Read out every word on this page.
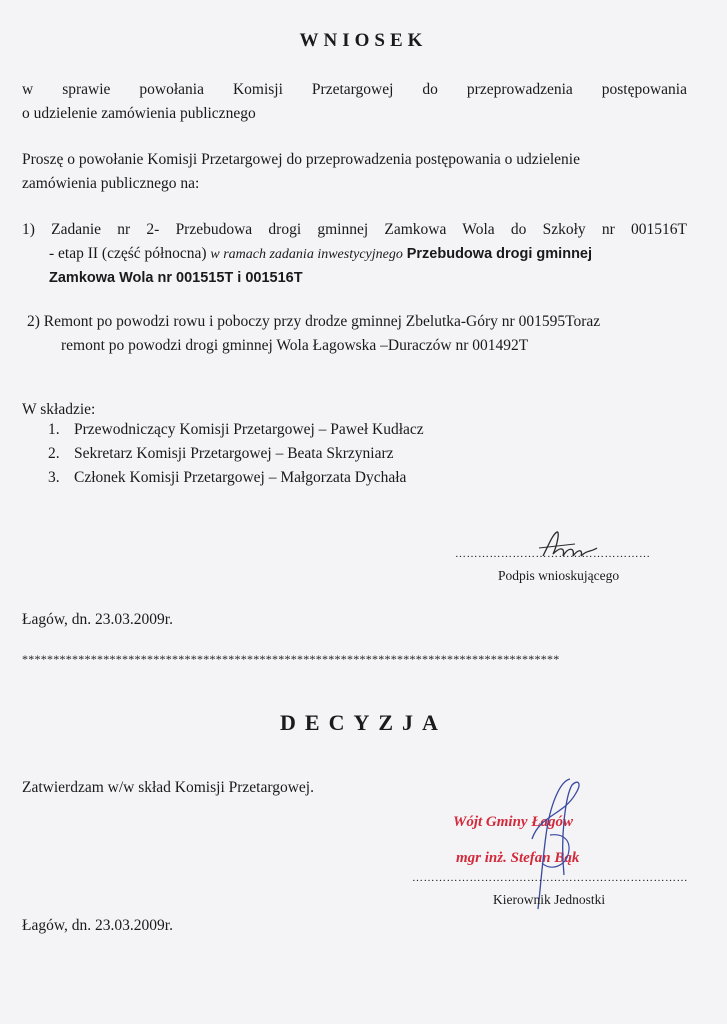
WNIOSEK
w sprawie powołania Komisji Przetargowej do przeprowadzenia postępowania
o udzielenie zamówienia publicznego
Proszę o powołanie Komisji Przetargowej do przeprowadzenia postępowania o udzielenie
zamówienia publicznego na:
1) Zadanie nr 2- Przebudowa drogi gminnej Zamkowa Wola do Szkoły nr 001516T
- etap II (część północna) w ramach zadania inwestycyjnego Przebudowa drogi gminnej
Zamkowa Wola nr 001515T i 001516T
2) Remont po powodzi rowu i poboczy przy drodze gminnej Zbelutka-Góry nr 001595Toraz
remont po powodzi drogi gminnej Wola Łagowska –Duraczów nr 001492T
W składzie:
1. Przewodniczący Komisji Przetargowej – Paweł Kudłacz
2. Sekretarz Komisji Przetargowej – Beata Skrzyniarz
3. Członek Komisji Przetargowej – Małgorzata Dychała
……………………………………………
Podpis wnioskującego
Łagów, dn. 23.03.2009r.
**************************************************************************************
DECYZJA
Zatwierdzam w/w skład Komisji Przetargowej.
Wójt Gminy Łagów
mgr inż. Stefan Bąk
………………………………………………………………
Kierownik Jednostki
Łagów, dn. 23.03.2009r.
